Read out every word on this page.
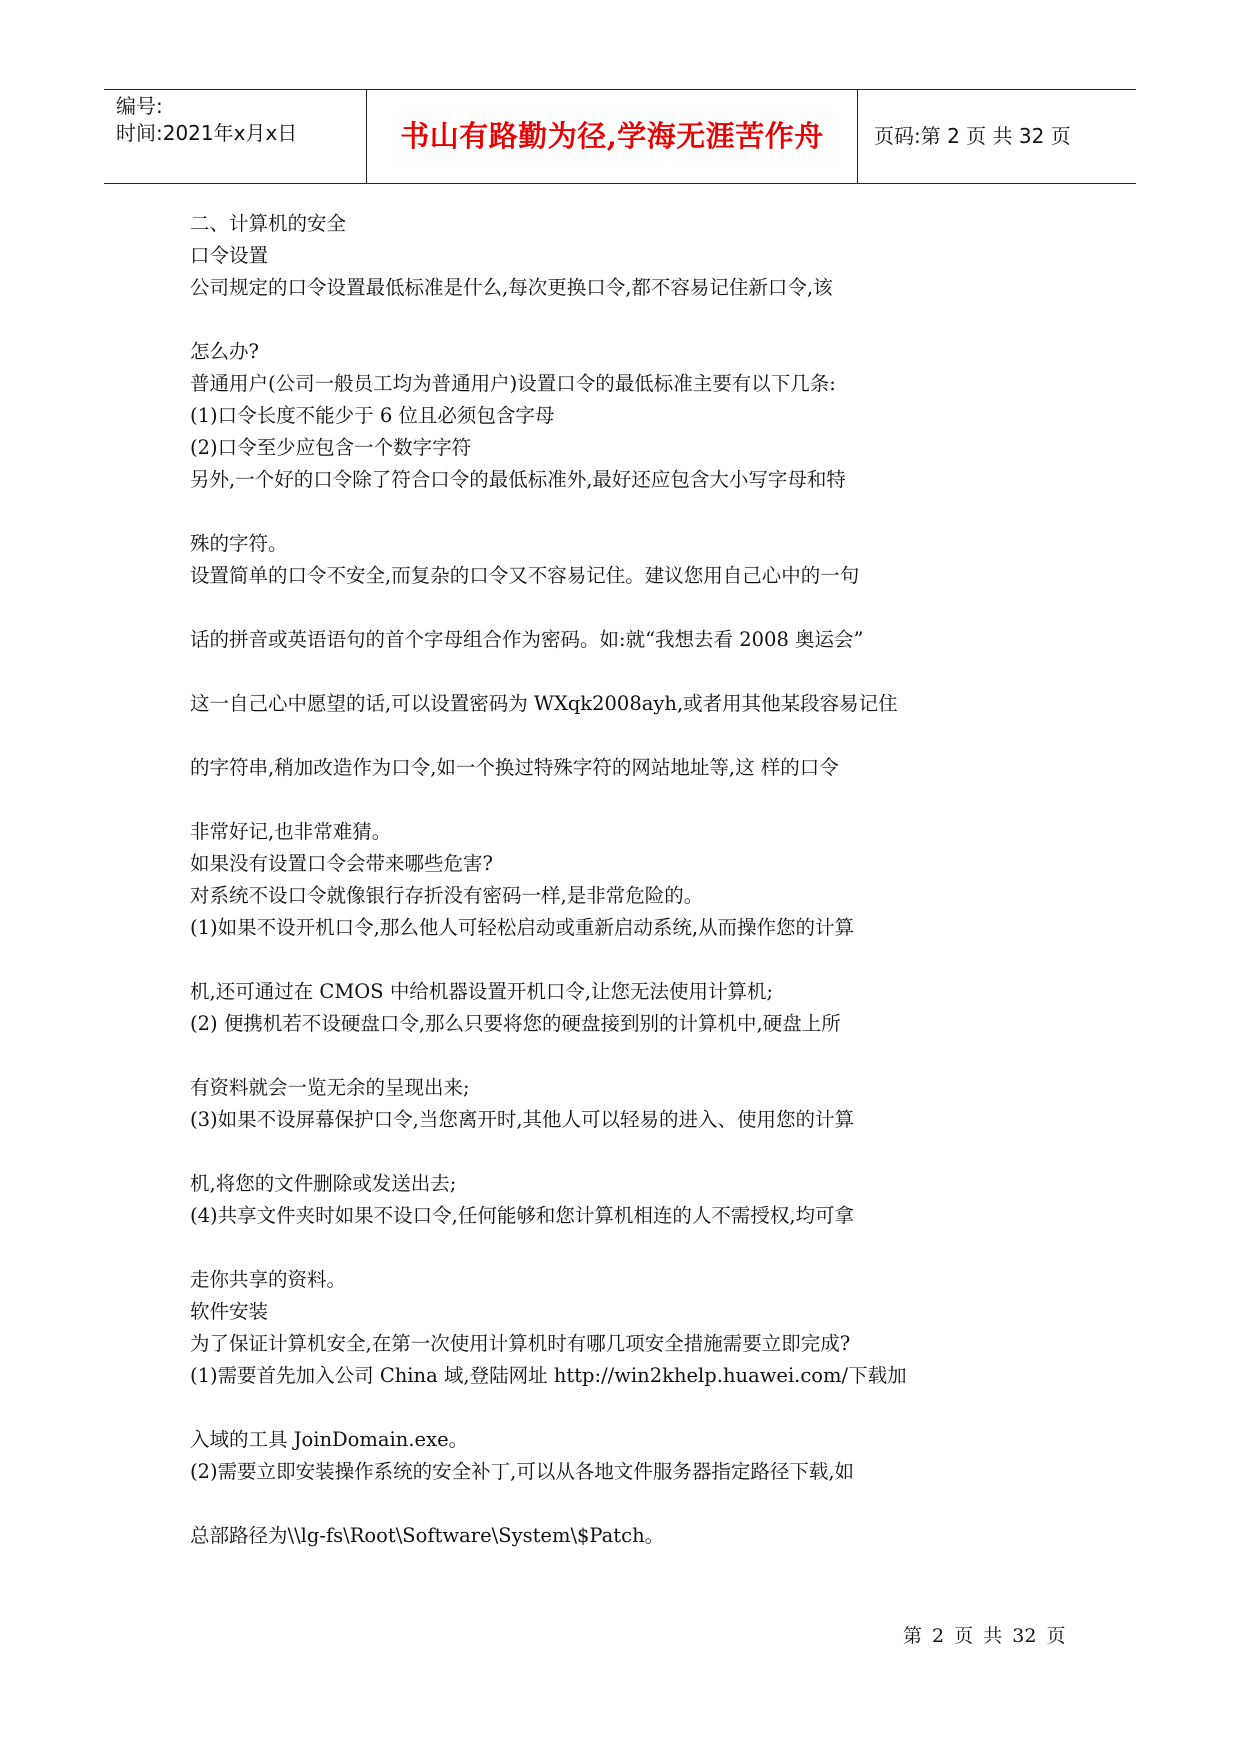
编号:
时间:2021年x月x日	书山有路勤为径,学海无涯苦作舟	页码:第 2 页 共 32 页
二、计算机的安全
口令设置
公司规定的口令设置最低标准是什么,每次更换口令,都不容易记住新口令,该
怎么办?
普通用户(公司一般员工均为普通用户)设置口令的最低标准主要有以下几条:
(1)口令长度不能少于 6 位且必须包含字母
(2)口令至少应包含一个数字字符
另外,一个好的口令除了符合口令的最低标准外,最好还应包含大小写字母和特
殊的字符。
设置简单的口令不安全,而复杂的口令又不容易记住。建议您用自己心中的一句
话的拼音或英语语句的首个字母组合作为密码。如:就“我想去看 2008 奥运会”
这一自己心中愿望的话,可以设置密码为 WXqk2008ayh,或者用其他某段容易记住
的字符串,稍加改造作为口令,如一个换过特殊字符的网站地址等,这 样的口令
非常好记,也非常难猜。
如果没有设置口令会带来哪些危害?
对系统不设口令就像银行存折没有密码一样,是非常危险的。
(1)如果不设开机口令,那么他人可轻松启动或重新启动系统,从而操作您的计算
机,还可通过在 CMOS 中给机器设置开机口令,让您无法使用计算机;
(2) 便携机若不设硬盘口令,那么只要将您的硬盘接到别的计算机中,硬盘上所
有资料就会一览无余的呈现出来;
(3)如果不设屏幕保护口令,当您离开时,其他人可以轻易的进入、使用您的计算
机,将您的文件删除或发送出去;
(4)共享文件夹时如果不设口令,任何能够和您计算机相连的人不需授权,均可拿
走你共享的资料。
软件安装
为了保证计算机安全,在第一次使用计算机时有哪几项安全措施需要立即完成?
(1)需要首先加入公司 China 域,登陆网址 http://win2khelp.huawei.com/下载加
入域的工具 JoinDomain.exe。
(2)需要立即安装操作系统的安全补丁,可以从各地文件服务器指定路径下载,如
总部路径为\\lg-fs\Root\Software\System\$Patch。
第 2 页 共 32 页
